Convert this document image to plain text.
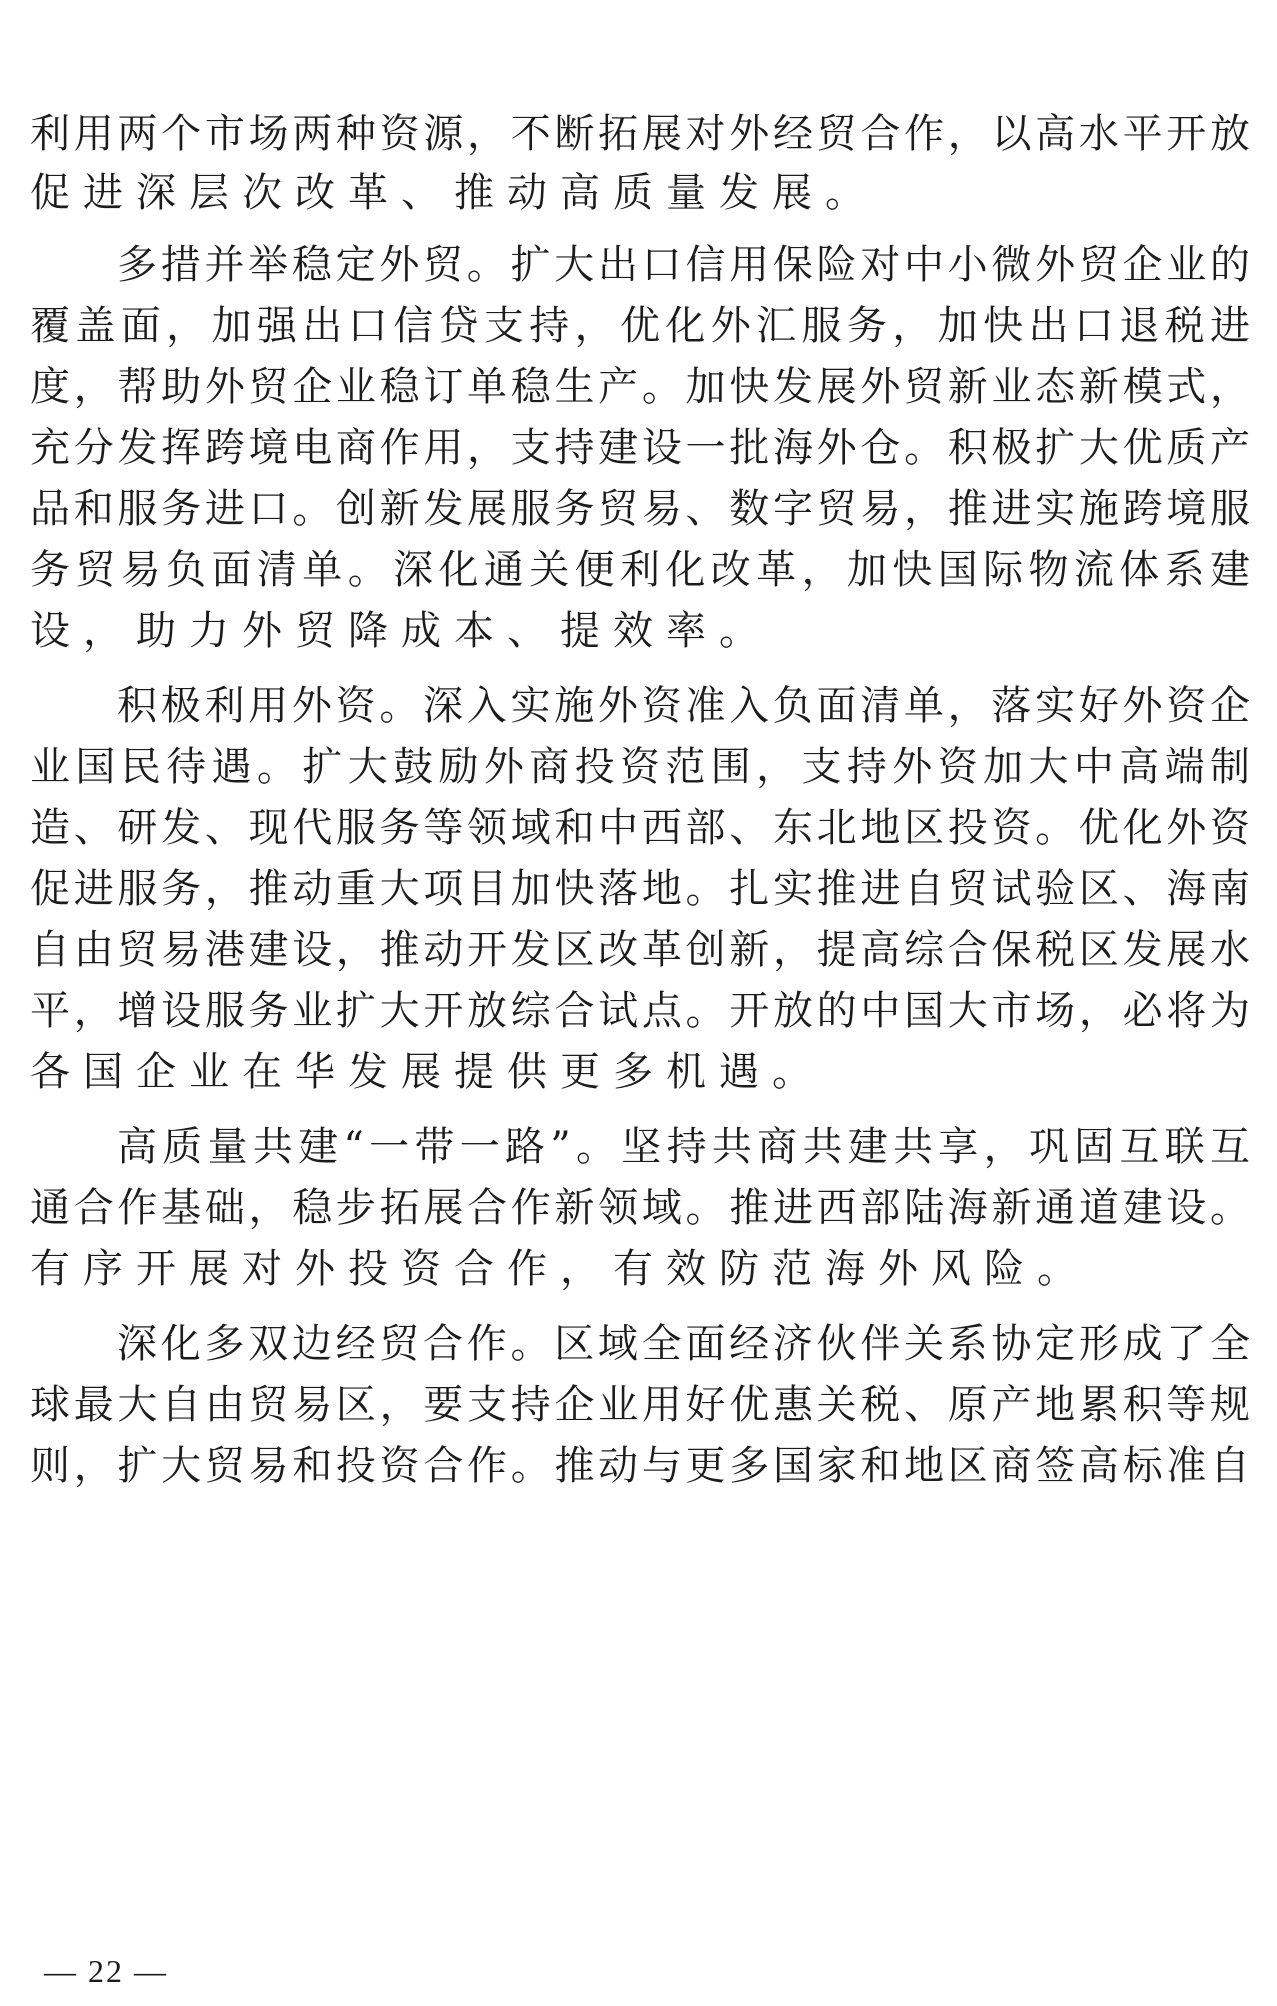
利用两个市场两种资源，不断拓展对外经贸合作，以高水平开放
促进深层次改革、推动高质量发展。
多措并举稳定外贸。扩大出口信用保险对中小微外贸企业的
覆盖面，加强出口信贷支持，优化外汇服务，加快出口退税进
度，帮助外贸企业稳订单稳生产。加快发展外贸新业态新模式，
充分发挥跨境电商作用，支持建设一批海外仓。积极扩大优质产
品和服务进口。创新发展服务贸易、数字贸易，推进实施跨境服
务贸易负面清单。深化通关便利化改革，加快国际物流体系建
设，助力外贸降成本、提效率。
积极利用外资。深入实施外资准入负面清单，落实好外资企
业国民待遇。扩大鼓励外商投资范围，支持外资加大中高端制
造、研发、现代服务等领域和中西部、东北地区投资。优化外资
促进服务，推动重大项目加快落地。扎实推进自贸试验区、海南
自由贸易港建设，推动开发区改革创新，提高综合保税区发展水
平，增设服务业扩大开放综合试点。开放的中国大市场，必将为
各国企业在华发展提供更多机遇。
高质量共建“一带一路”。坚持共商共建共享，巩固互联互
通合作基础，稳步拓展合作新领域。推进西部陆海新通道建设。
有序开展对外投资合作，有效防范海外风险。
深化多双边经贸合作。区域全面经济伙伴关系协定形成了全
球最大自由贸易区，要支持企业用好优惠关税、原产地累积等规
则，扩大贸易和投资合作。推动与更多国家和地区商签高标准自
— 22 —
